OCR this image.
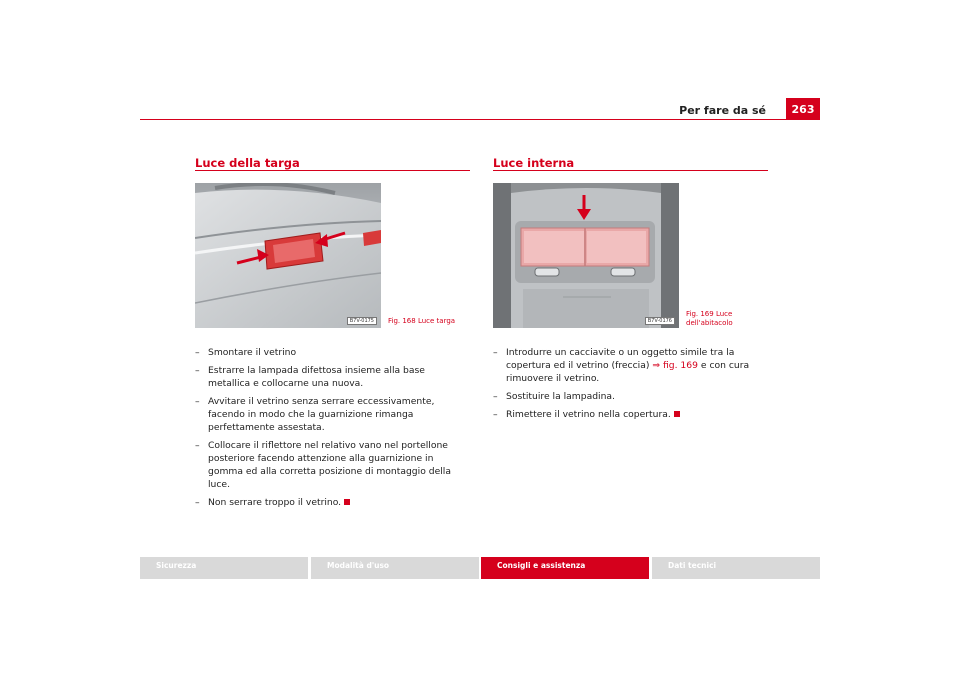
Per fare da sé	263
Luce della targa
B7V-0175	Fig. 168 Luce targa
– Smontare il vetrino
– Estrarre la lampada difettosa insieme alla base metallica e collocarne una nuova.
– Avvitare il vetrino senza serrare eccessivamente, facendo in modo che la guarnizione rimanga perfettamente assestata.
– Collocare il riflettore nel relativo vano nel portellone posteriore facendo attenzione alla guarnizione in gomma ed alla corretta posizione di montaggio della luce.
– Non serrare troppo il vetrino.
Luce interna
B7V-0176
Fig. 169 Luce dell'abitacolo
– Introdurre un cacciavite o un oggetto simile tra la copertura ed il vetrino (freccia) ⇒ fig. 169 e con cura rimuovere il vetrino.
– Sostituire la lampadina.
– Rimettere il vetrino nella copertura.
Sicurezza	Modalità d'uso	Consigli e assistenza	Dati tecnici
